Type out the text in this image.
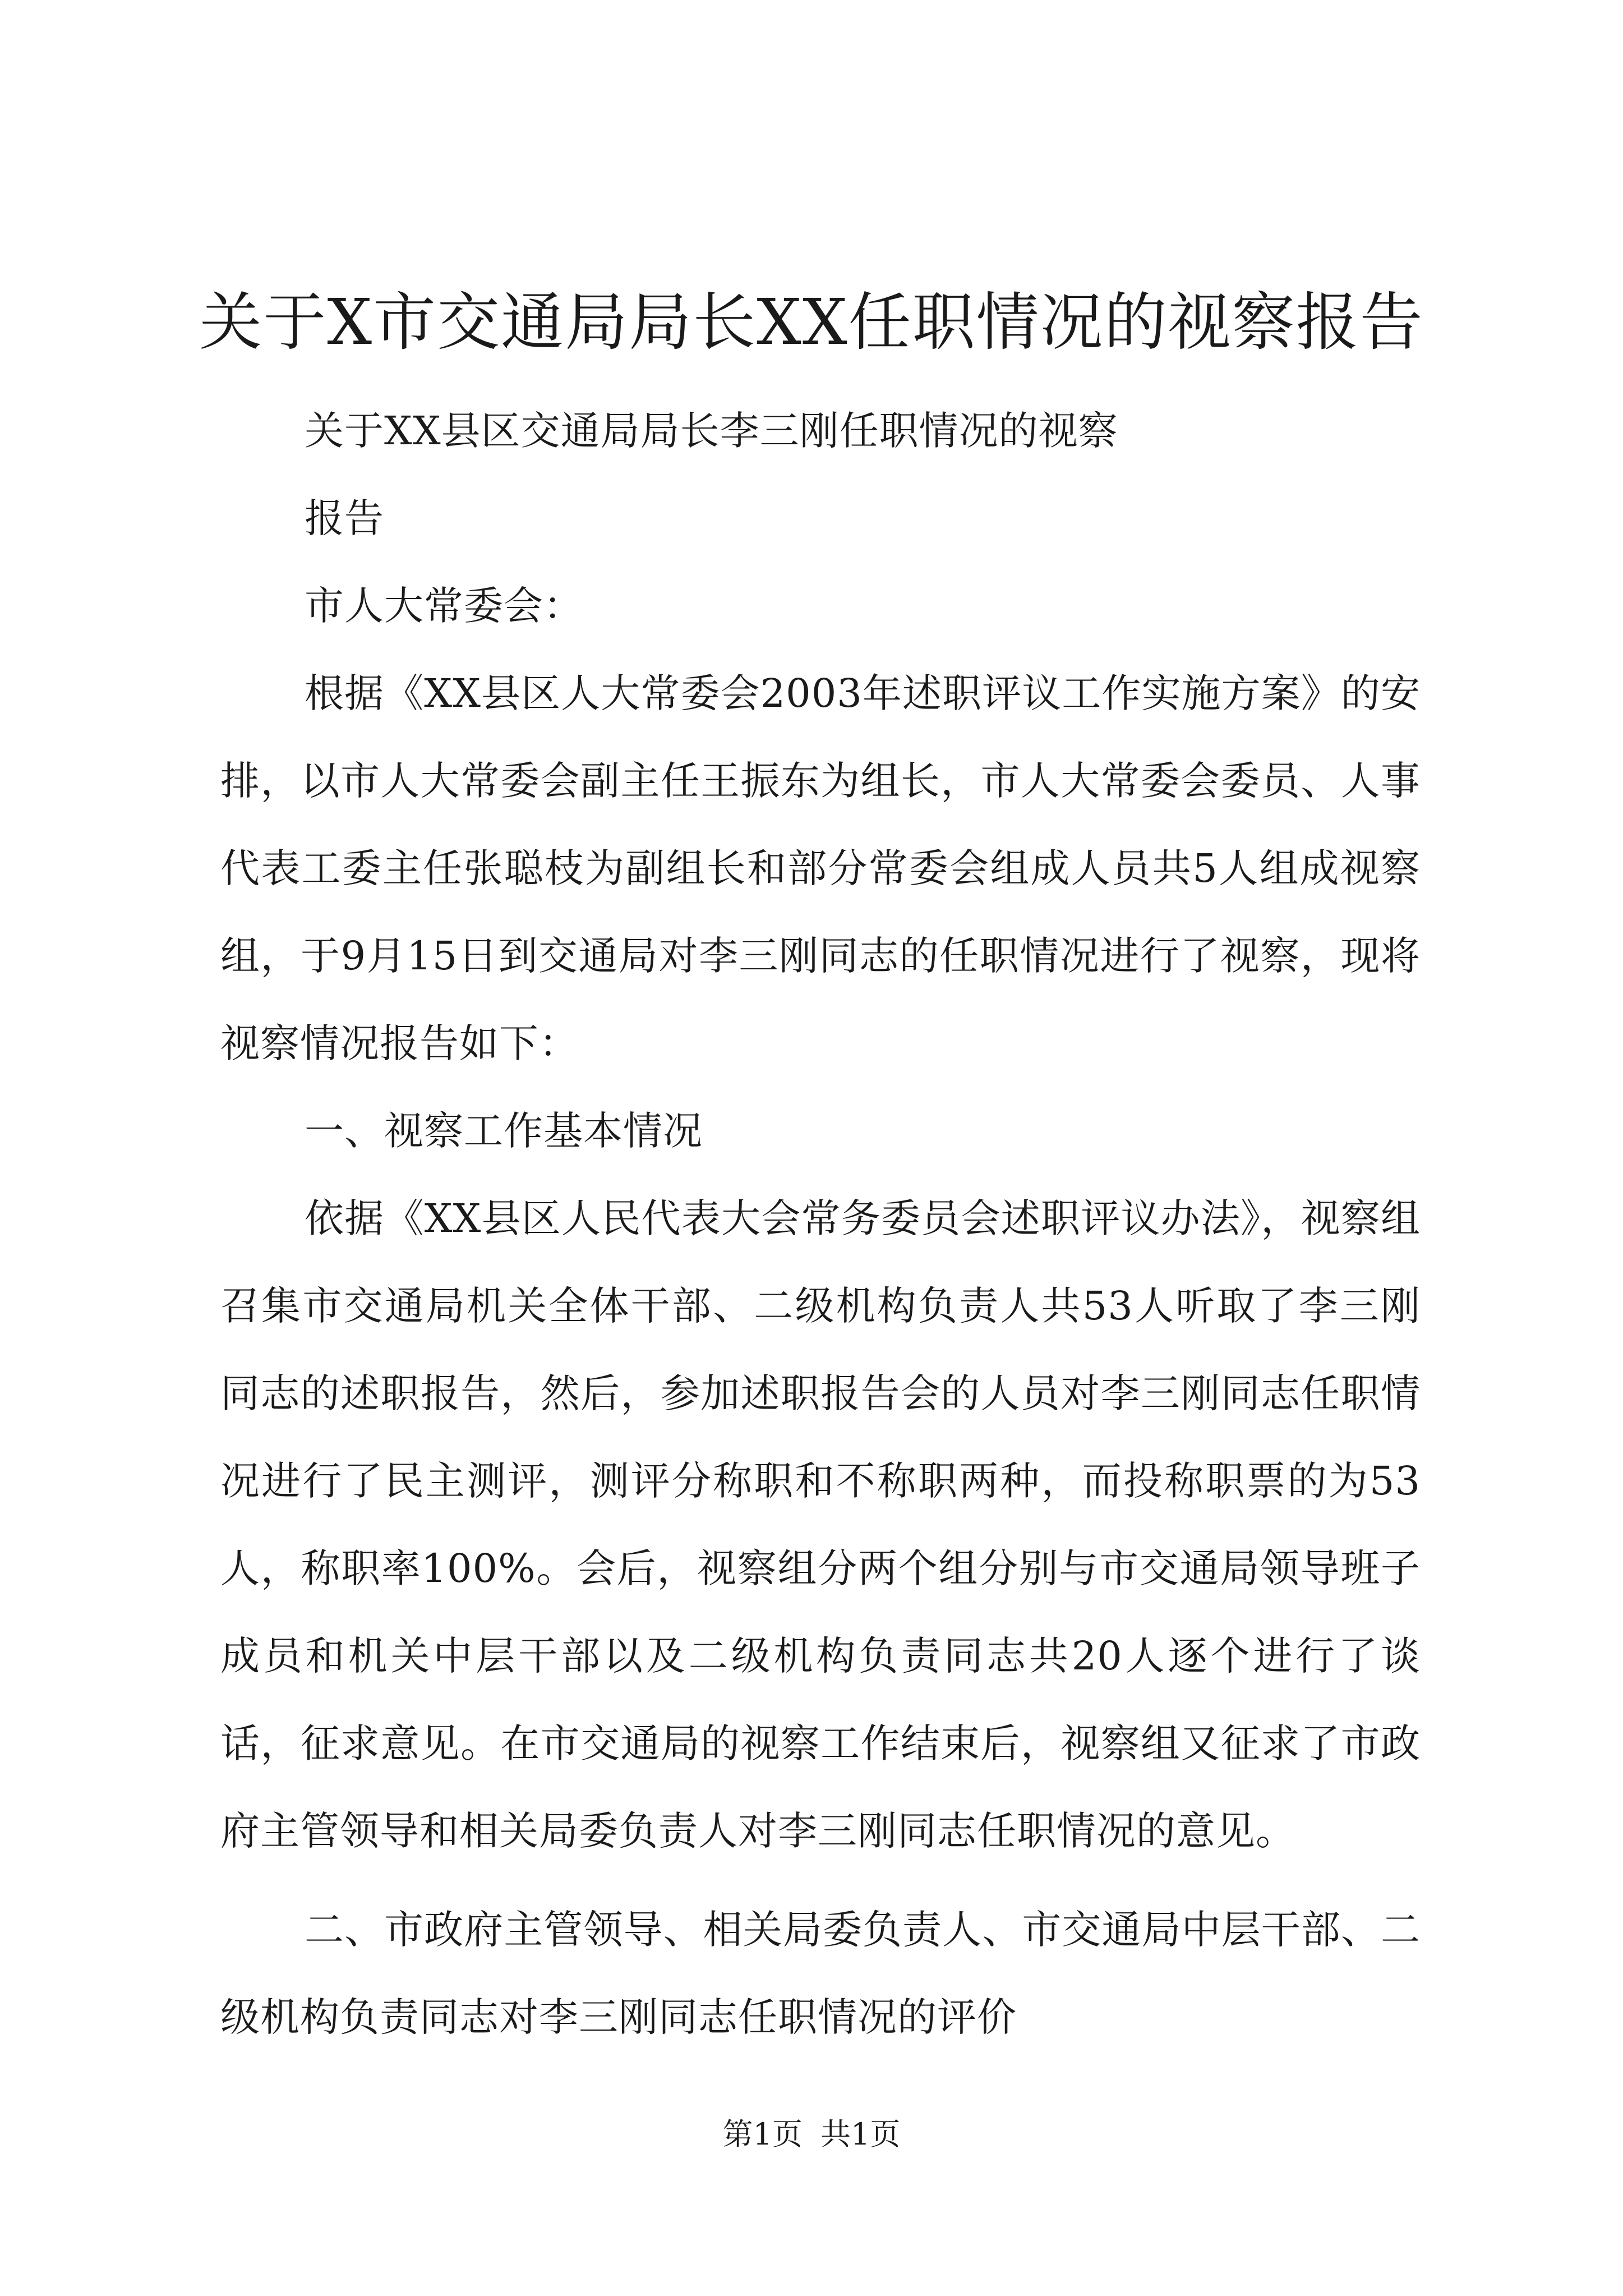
关于X市交通局局长XX任职情况的视察报告

关于XX县区交通局局长李三刚任职情况的视察

报告

市人大常委会：

根据《XX县区人大常委会2003年述职评议工作实施方案》的安排，以市人大常委会副主任王振东为组长，市人大常委会委员、人事代表工委主任张聪枝为副组长和部分常委会组成人员共5人组成视察组，于9月15日到交通局对李三刚同志的任职情况进行了视察，现将视察情况报告如下：

一、视察工作基本情况

依据《XX县区人民代表大会常务委员会述职评议办法》，视察组召集市交通局机关全体干部、二级机构负责人共53人听取了李三刚同志的述职报告，然后，参加述职报告会的人员对李三刚同志任职情况进行了民主测评，测评分称职和不称职两种，而投称职票的为53人，称职率100%。会后，视察组分两个组分别与市交通局领导班子成员和机关中层干部以及二级机构负责同志共20人逐个进行了谈话，征求意见。在市交通局的视察工作结束后，视察组又征求了市政府主管领导和相关局委负责人对李三刚同志任职情况的意见。

二、市政府主管领导、相关局委负责人、市交通局中层干部、二级机构负责同志对李三刚同志任职情况的评价

第1页 共1页
